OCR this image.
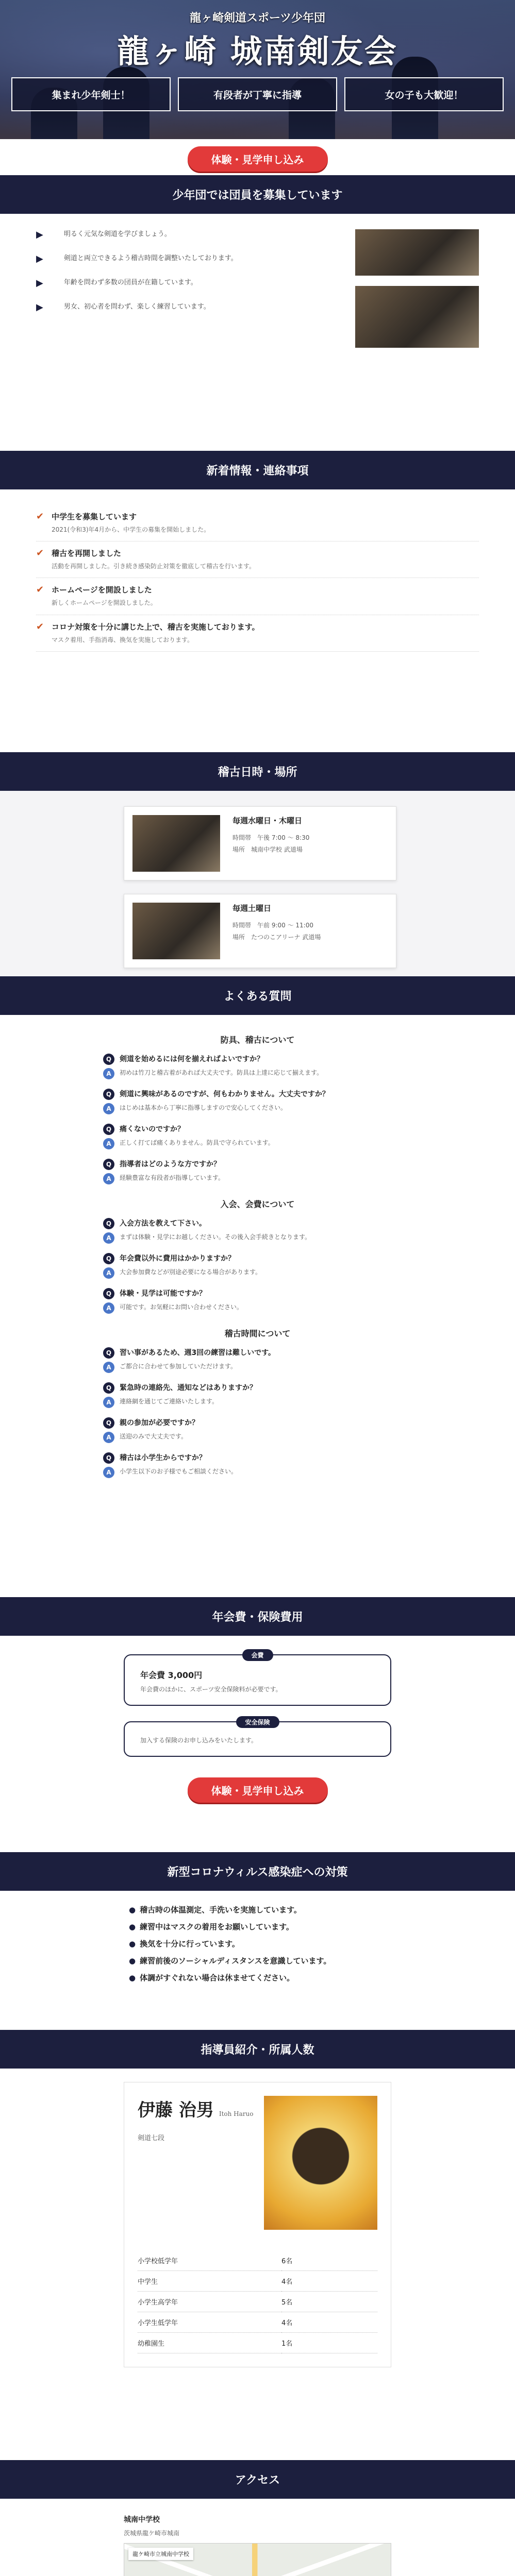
龍ヶ崎剣道スポーツ少年団
龍ヶ崎 城南剣友会
集まれ少年剣士！	有段者が丁寧に指導	女の子も大歓迎！
体験・見学申し込み
少年団では団員を募集しています
▶	明るく元気な剣道を学びましょう。

▶	剣道と両立できるよう稽古時間を調整いたしております。

▶	年齢を問わず多数の団員が在籍しています。

▶	男女、初心者を問わず、楽しく練習しています。

新着情報・連絡事項
✔ 中学生を募集しています
2021(令和3)年4月から、中学生の募集を開始しました。
✔ 稽古を再開しました
活動を再開しました。引き続き感染防止対策を徹底して稽古を行います。
✔ ホームページを開設しました
新しくホームページを開設しました。
✔ コロナ対策を十分に講じた上で、稽古を実施しております。
マスク着用、手指消毒、換気を実施しております。
稽古日時・場所
毎週水曜日・木曜日

時間帯　午後 7:00 ～ 8:30

場所　城南中学校 武道場

毎週土曜日

時間帯　午前 9:00 ～ 11:00

場所　たつのこアリーナ 武道場

よくある質問
防具、稽古について
Q	剣道を始めるには何を揃えればよいですか？
A	初めは竹刀と稽古着があれば大丈夫です。防具は上達に応じて揃えます。
Q	剣道に興味があるのですが、何もわかりません。大丈夫ですか？
A	はじめは基本から丁寧に指導しますので安心してください。
Q	痛くないのですか？
A	正しく打てば痛くありません。防具で守られています。
Q	指導者はどのような方ですか？
A	経験豊富な有段者が指導しています。
入会、会費について
Q	入会方法を教えて下さい。
A	まずは体験・見学にお越しください。その後入会手続きとなります。
Q	年会費以外に費用はかかりますか？
A	大会参加費などが別途必要になる場合があります。
Q	体験・見学は可能ですか？
A	可能です。お気軽にお問い合わせください。
稽古時間について
Q	習い事があるため、週3回の練習は難しいです。
A	ご都合に合わせて参加していただけます。
Q	緊急時の連絡先、通知などはありますか？
A	連絡網を通じてご連絡いたします。
Q	親の参加が必要ですか？
A	送迎のみで大丈夫です。
Q	稽古は小学生からですか？
A	小学生以下のお子様でもご相談ください。
年会費・保険費用
会費
年会費 3,000円

年会費のほかに、スポーツ安全保険料が必要です。

安全保険

加入する保険のお申し込みをいたします。

体験・見学申し込み
新型コロナウィルス感染症への対策
● 稽古時の体温測定、手洗いを実施しています。
● 練習中はマスクの着用をお願いしています。
● 換気を十分に行っています。
● 練習前後のソーシャルディスタンスを意識しています。
● 体調がすぐれない場合は休ませてください。
指導員紹介・所属人数
伊藤 治男 Itoh Haruo
剣道七段
小学校低学年	6名
中学生	4名
小学生高学年	5名
小学生低学年	4名
幼稚園生	1名
アクセス
城南中学校

茨城県龍ケ崎市城南

龍ケ崎市立城南中学校
